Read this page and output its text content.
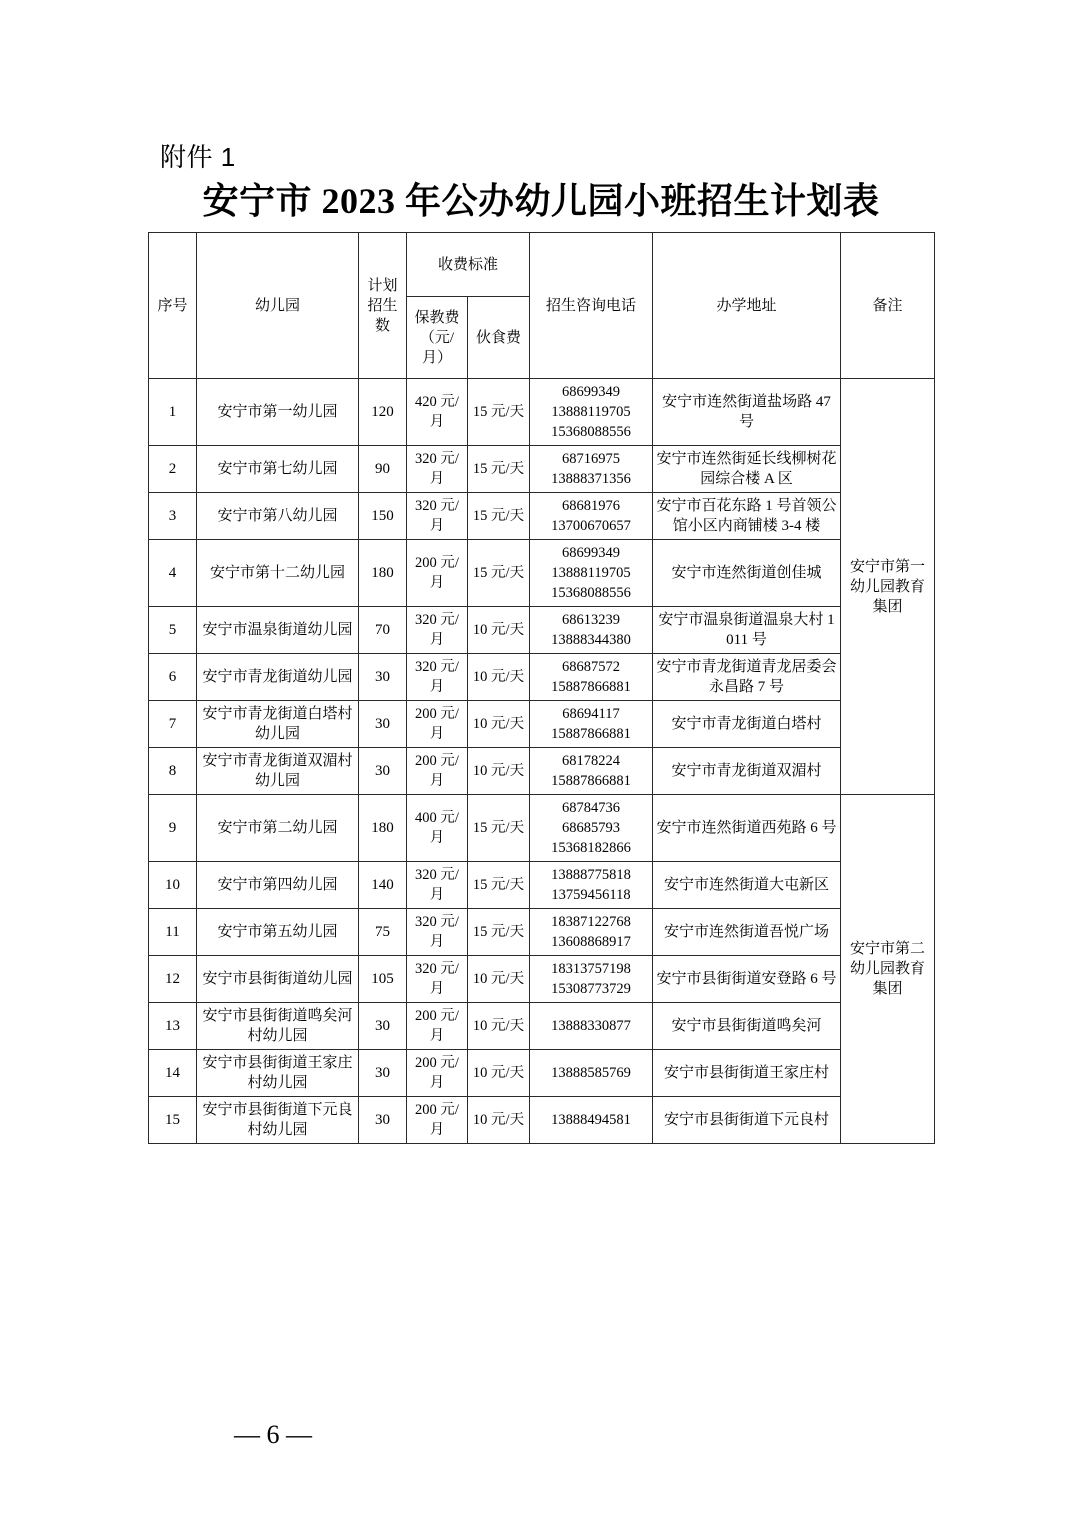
附件 1
安宁市 2023 年公办幼儿园小班招生计划表
序号	幼儿园	计划招生数	收费标准		招生咨询电话	办学地址	备注
			保教费（元/月）	伙食费			
1	安宁市第一幼儿园	120	420 元/月	15 元/天	68699349
13888119705
15368088556	安宁市连然街道盐场路 47 号	安宁市第一幼儿园教育集团
2	安宁市第七幼儿园	90	320 元/月	15 元/天	68716975
13888371356	安宁市连然街延长线柳树花园综合楼 A 区	
3	安宁市第八幼儿园	150	320 元/月	15 元/天	68681976
13700670657	安宁市百花东路 1 号首领公馆小区内商铺楼 3-4 楼	
4	安宁市第十二幼儿园	180	200 元/月	15 元/天	68699349
13888119705
15368088556	安宁市连然街道创佳城	
5	安宁市温泉街道幼儿园	70	320 元/月	10 元/天	68613239
13888344380	安宁市温泉街道温泉大村 1011 号	
6	安宁市青龙街道幼儿园	30	320 元/月	10 元/天	68687572
15887866881	安宁市青龙街道青龙居委会永昌路 7 号	
7	安宁市青龙街道白塔村幼儿园	30	200 元/月	10 元/天	68694117
15887866881	安宁市青龙街道白塔村	
8	安宁市青龙街道双湄村幼儿园	30	200 元/月	10 元/天	68178224
15887866881	安宁市青龙街道双湄村	
9	安宁市第二幼儿园	180	400 元/月	15 元/天	68784736
68685793
15368182866	安宁市连然街道西苑路 6 号	安宁市第二幼儿园教育集团
10	安宁市第四幼儿园	140	320 元/月	15 元/天	13888775818
13759456118	安宁市连然街道大屯新区	
11	安宁市第五幼儿园	75	320 元/月	15 元/天	18387122768
13608868917	安宁市连然街道吾悦广场	
12	安宁市县街街道幼儿园	105	320 元/月	10 元/天	18313757198
15308773729	安宁市县街街道安登路 6 号	
13	安宁市县街街道鸣矣河村幼儿园	30	200 元/月	10 元/天	13888330877	安宁市县街街道鸣矣河	
14	安宁市县街街道王家庄村幼儿园	30	200 元/月	10 元/天	13888585769	安宁市县街街道王家庄村	
15	安宁市县街街道下元良村幼儿园	30	200 元/月	10 元/天	13888494581	安宁市县街街道下元良村	
— 6 —
